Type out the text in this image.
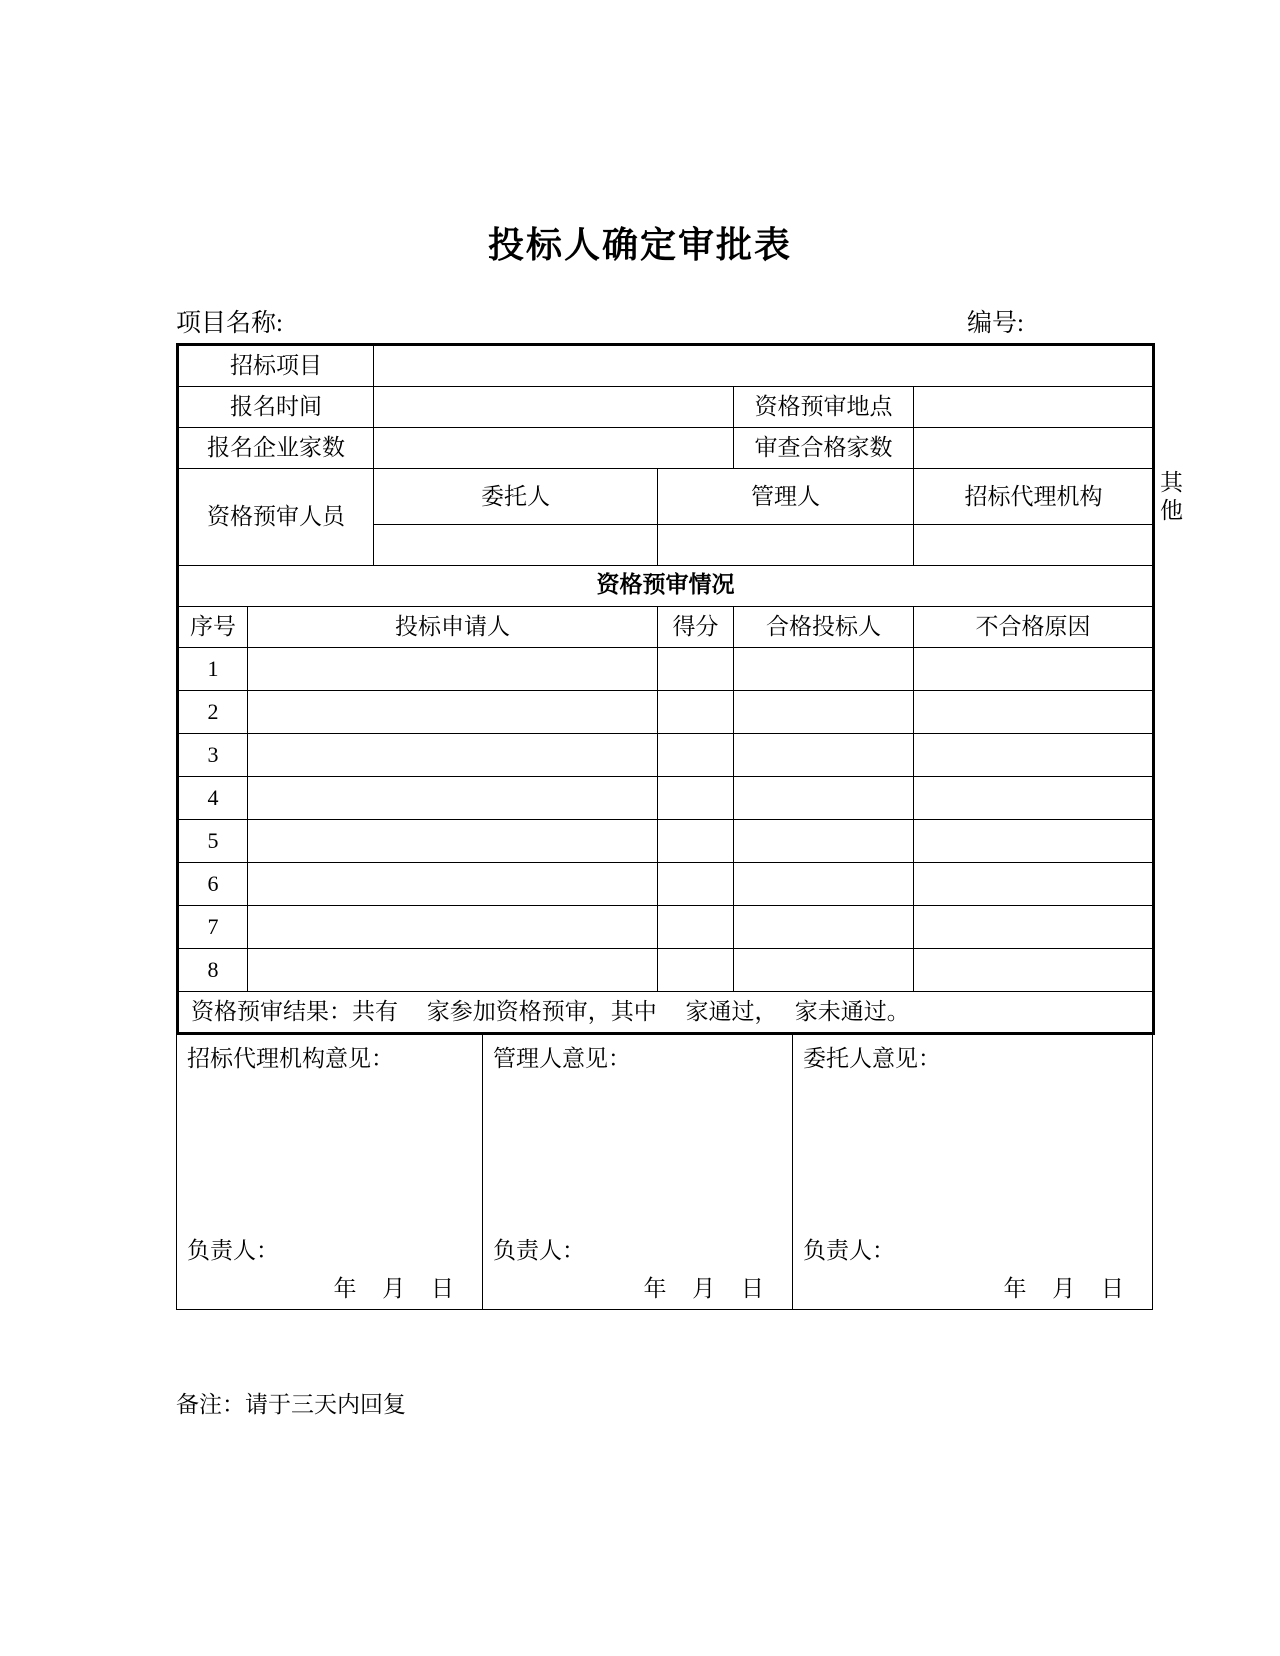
投标人确定审批表
项目名称:	编号:
招标项目						
报名时间				资格预审地点		
报名企业家数				审查合格家数		
资格预审人员		委托人	管理人		招标代理机构	其 他

资格预审情况						
序号	投标申请人		得分	合格投标人	不合格原因	
1						
2						
3						
4						
5						
6						
7						
8						
资格预审结果：共有　 家参加资格预审，其中　 家通过，　 家未通过。						
招标代理机构意见：
负责人：
年 月 日

管理人意见：
负责人：
年 月 日

委托人意见：
负责人：
年 月 日
备注：请于三天内回复
